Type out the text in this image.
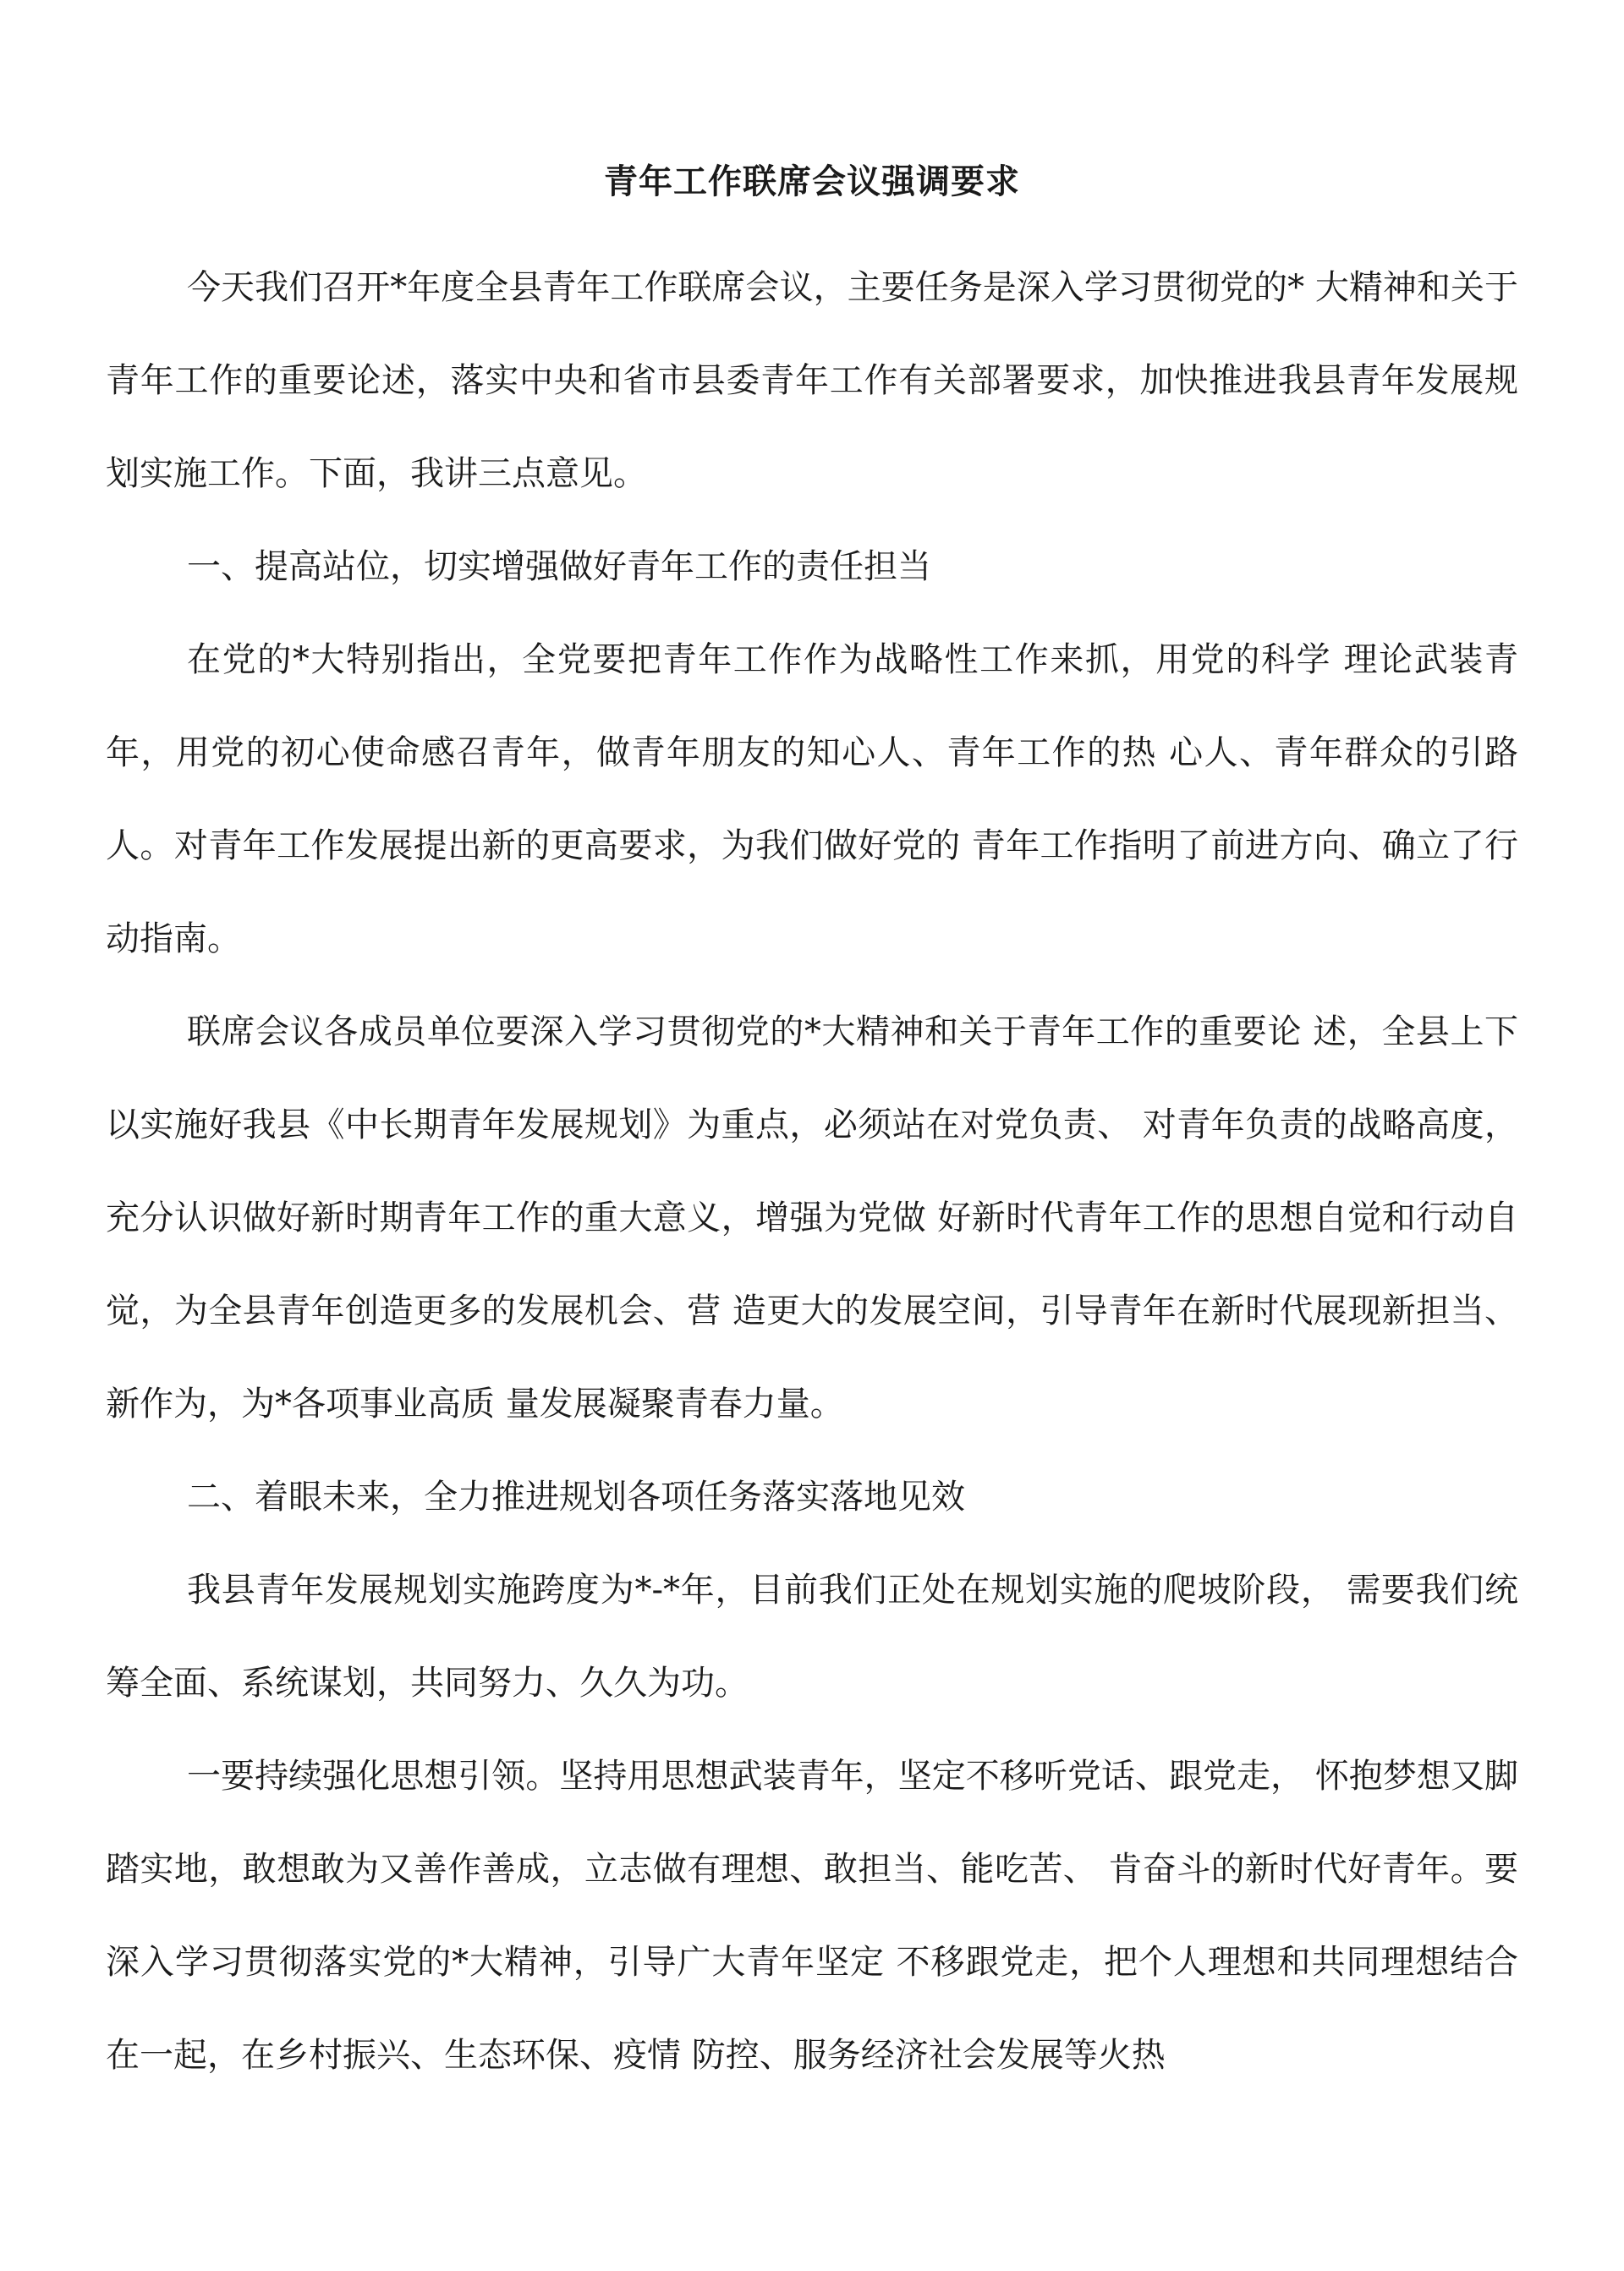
青年工作联席会议强调要求

今天我们召开*年度全县青年工作联席会议，主要任务是深入学习贯彻党的* 大精神和关于青年工作的重要论述，落实中央和省市县委青年工作有关部署要求，加快推进我县青年发展规划实施工作。下面，我讲三点意见。

一、提高站位，切实增强做好青年工作的责任担当

在党的*大特别指出，全党要把青年工作作为战略性工作来抓，用党的科学 理论武装青年，用党的初心使命感召青年，做青年朋友的知心人、青年工作的热 心人、青年群众的引路人。对青年工作发展提出新的更高要求，为我们做好党的 青年工作指明了前进方向、确立了行动指南。

联席会议各成员单位要深入学习贯彻党的*大精神和关于青年工作的重要论 述，全县上下以实施好我县《中长期青年发展规划》为重点，必须站在对党负责、 对青年负责的战略高度，充分认识做好新时期青年工作的重大意义，增强为党做 好新时代青年工作的思想自觉和行动自觉，为全县青年创造更多的发展机会、营 造更大的发展空间，引导青年在新时代展现新担当、新作为，为*各项事业高质 量发展凝聚青春力量。

二、着眼未来，全力推进规划各项任务落实落地见效

我县青年发展规划实施跨度为*-*年，目前我们正处在规划实施的爬坡阶段， 需要我们统筹全面、系统谋划，共同努力、久久为功。

一要持续强化思想引领。坚持用思想武装青年，坚定不移听党话、跟党走， 怀抱梦想又脚踏实地，敢想敢为又善作善成，立志做有理想、敢担当、能吃苦、 肯奋斗的新时代好青年。要深入学习贯彻落实党的*大精神，引导广大青年坚定 不移跟党走，把个人理想和共同理想结合在一起，在乡村振兴、生态环保、疫情 防控、服务经济社会发展等火热
